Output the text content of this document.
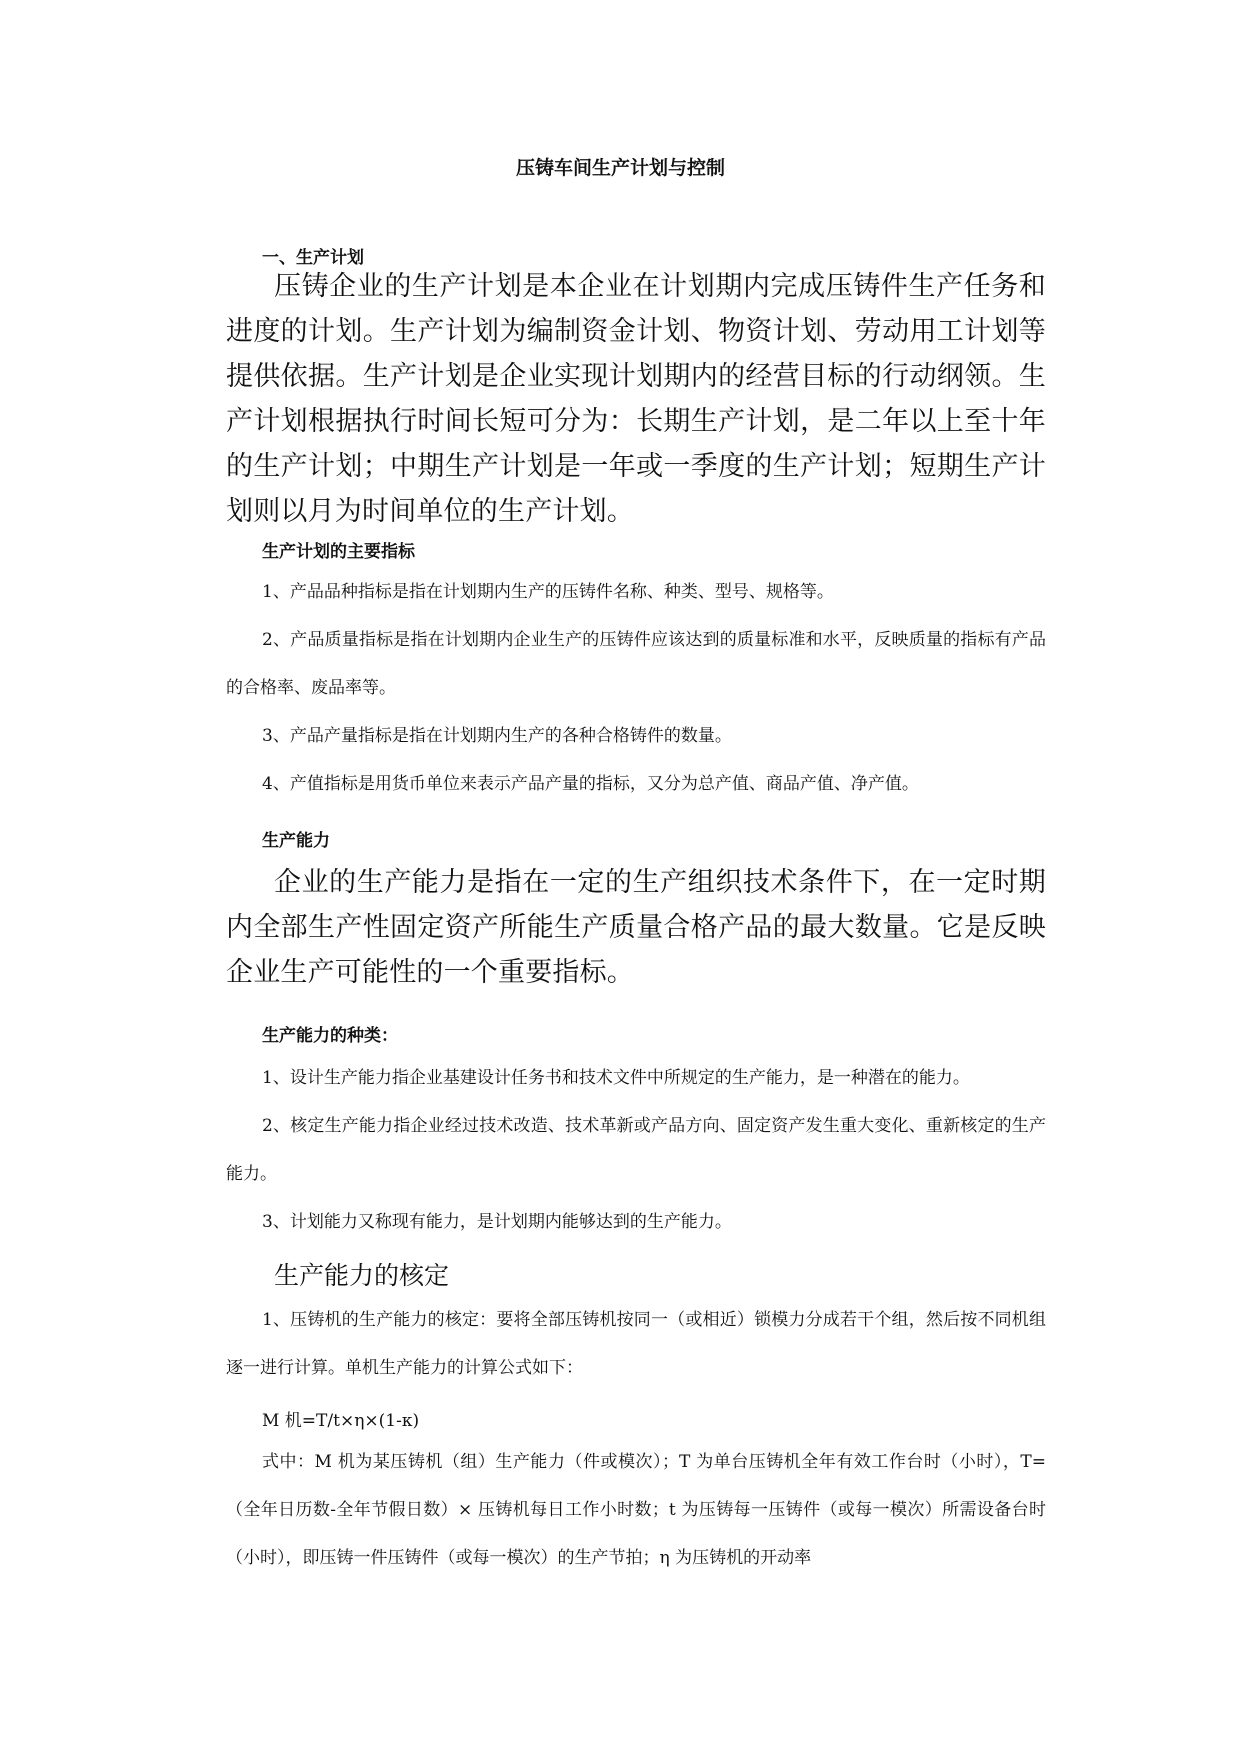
压铸车间生产计划与控制
一、生产计划

压铸企业的生产计划是本企业在计划期内完成压铸件生产任务和进度的计划。生产计划为编制资金计划、物资计划、劳动用工计划等提供依据。生产计划是企业实现计划期内的经营目标的行动纲领。生产计划根据执行时间长短可分为：长期生产计划，是二年以上至十年的生产计划；中期生产计划是一年或一季度的生产计划；短期生产计划则以月为时间单位的生产计划。

生产计划的主要指标

1、产品品种指标是指在计划期内生产的压铸件名称、种类、型号、规格等。

2、产品质量指标是指在计划期内企业生产的压铸件应该达到的质量标准和水平，反映质量的指标有产品的合格率、废品率等。

3、产品产量指标是指在计划期内生产的各种合格铸件的数量。

4、产值指标是用货币单位来表示产品产量的指标，又分为总产值、商品产值、净产值。

生产能力

企业的生产能力是指在一定的生产组织技术条件下，在一定时期内全部生产性固定资产所能生产质量合格产品的最大数量。它是反映企业生产可能性的一个重要指标。

生产能力的种类：

1、设计生产能力指企业基建设计任务书和技术文件中所规定的生产能力，是一种潜在的能力。

2、核定生产能力指企业经过技术改造、技术革新或产品方向、固定资产发生重大变化、重新核定的生产能力。

3、计划能力又称现有能力，是计划期内能够达到的生产能力。

生产能力的核定

1、压铸机的生产能力的核定：要将全部压铸机按同一（或相近）锁模力分成若干个组，然后按不同机组逐一进行计算。单机生产能力的计算公式如下：

M 机=T/t×η×(1-κ)

式中：M 机为某压铸机（组）生产能力（件或模次）；T 为单台压铸机全年有效工作台时（小时），T=（全年日历数-全年节假日数）× 压铸机每日工作小时数；t 为压铸每一压铸件（或每一模次）所需设备台时（小时），即压铸一件压铸件（或每一模次）的生产节拍；η 为压铸机的开动率
